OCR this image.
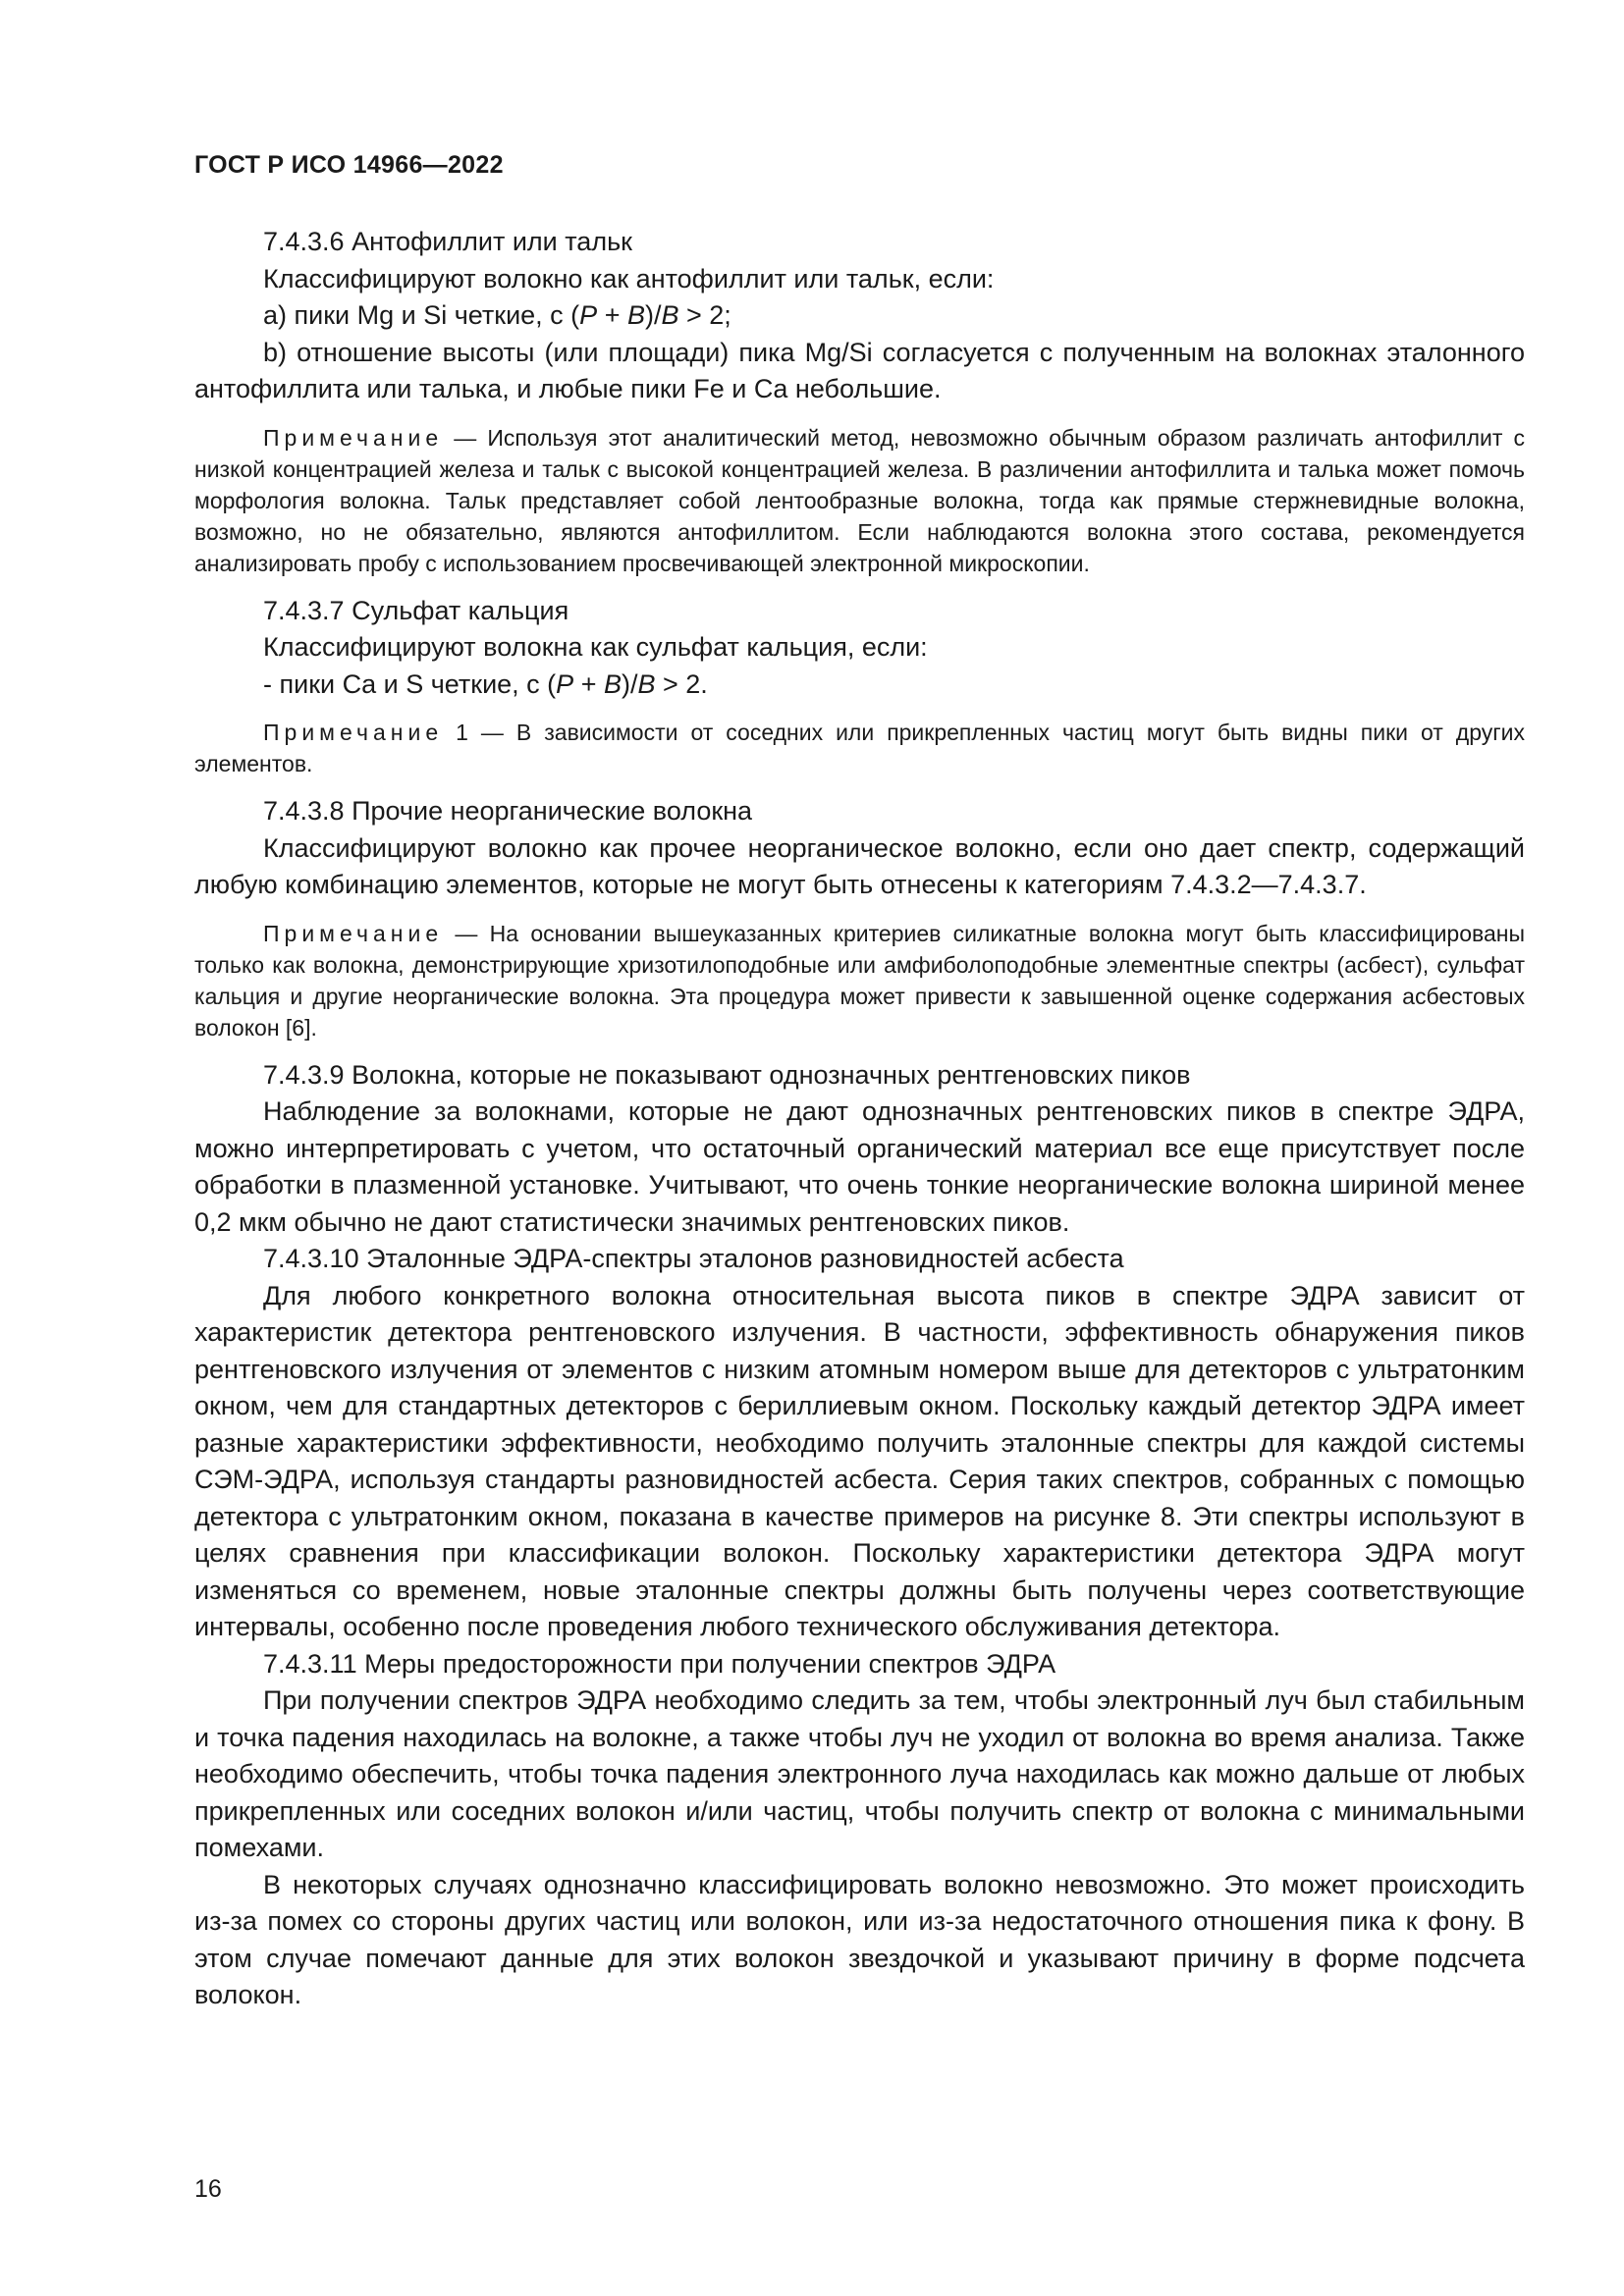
ГОСТ Р ИСО 14966—2022

7.4.3.6 Антофиллит или тальк

Классифицируют волокно как антофиллит или тальк, если:

a) пики Mg и Si четкие, с (P + B)/B > 2;

b) отношение высоты (или площади) пика Mg/Si согласуется с полученным на волокнах эталонного антофиллита или талька, и любые пики Fe и Ca небольшие.

Примечание — Используя этот аналитический метод, невозможно обычным образом различать антофиллит с низкой концентрацией железа и тальк с высокой концентрацией железа. В различении антофиллита и талька может помочь морфология волокна. Тальк представляет собой лентообразные волокна, тогда как прямые стержневидные волокна, возможно, но не обязательно, являются антофиллитом. Если наблюдаются волокна этого состава, рекомендуется анализировать пробу с использованием просвечивающей электронной микроскопии.

7.4.3.7 Сульфат кальция

Классифицируют волокна как сульфат кальция, если:

- пики Ca и S четкие, с (P + B)/B > 2.

Примечание 1 — В зависимости от соседних или прикрепленных частиц могут быть видны пики от других элементов.

7.4.3.8 Прочие неорганические волокна

Классифицируют волокно как прочее неорганическое волокно, если оно дает спектр, содержащий любую комбинацию элементов, которые не могут быть отнесены к категориям 7.4.3.2—7.4.3.7.

Примечание — На основании вышеуказанных критериев силикатные волокна могут быть классифицированы только как волокна, демонстрирующие хризотилоподобные или амфиболоподобные элементные спектры (асбест), сульфат кальция и другие неорганические волокна. Эта процедура может привести к завышенной оценке содержания асбестовых волокон [6].

7.4.3.9 Волокна, которые не показывают однозначных рентгеновских пиков

Наблюдение за волокнами, которые не дают однозначных рентгеновских пиков в спектре ЭДРА, можно интерпретировать с учетом, что остаточный органический материал все еще присутствует после обработки в плазменной установке. Учитывают, что очень тонкие неорганические волокна шириной менее 0,2 мкм обычно не дают статистически значимых рентгеновских пиков.

7.4.3.10 Эталонные ЭДРА-спектры эталонов разновидностей асбеста

Для любого конкретного волокна относительная высота пиков в спектре ЭДРА зависит от характеристик детектора рентгеновского излучения. В частности, эффективность обнаружения пиков рентгеновского излучения от элементов с низким атомным номером выше для детекторов с ультратонким окном, чем для стандартных детекторов с бериллиевым окном. Поскольку каждый детектор ЭДРА имеет разные характеристики эффективности, необходимо получить эталонные спектры для каждой системы СЭМ-ЭДРА, используя стандарты разновидностей асбеста. Серия таких спектров, собранных с помощью детектора с ультратонким окном, показана в качестве примеров на рисунке 8. Эти спектры используют в целях сравнения при классификации волокон. Поскольку характеристики детектора ЭДРА могут изменяться со временем, новые эталонные спектры должны быть получены через соответствующие интервалы, особенно после проведения любого технического обслуживания детектора.

7.4.3.11 Меры предосторожности при получении спектров ЭДРА

При получении спектров ЭДРА необходимо следить за тем, чтобы электронный луч был стабильным и точка падения находилась на волокне, а также чтобы луч не уходил от волокна во время анализа. Также необходимо обеспечить, чтобы точка падения электронного луча находилась как можно дальше от любых прикрепленных или соседних волокон и/или частиц, чтобы получить спектр от волокна с минимальными помехами.

В некоторых случаях однозначно классифицировать волокно невозможно. Это может происходить из-за помех со стороны других частиц или волокон, или из-за недостаточного отношения пика к фону. В этом случае помечают данные для этих волокон звездочкой и указывают причину в форме подсчета волокон.

16
